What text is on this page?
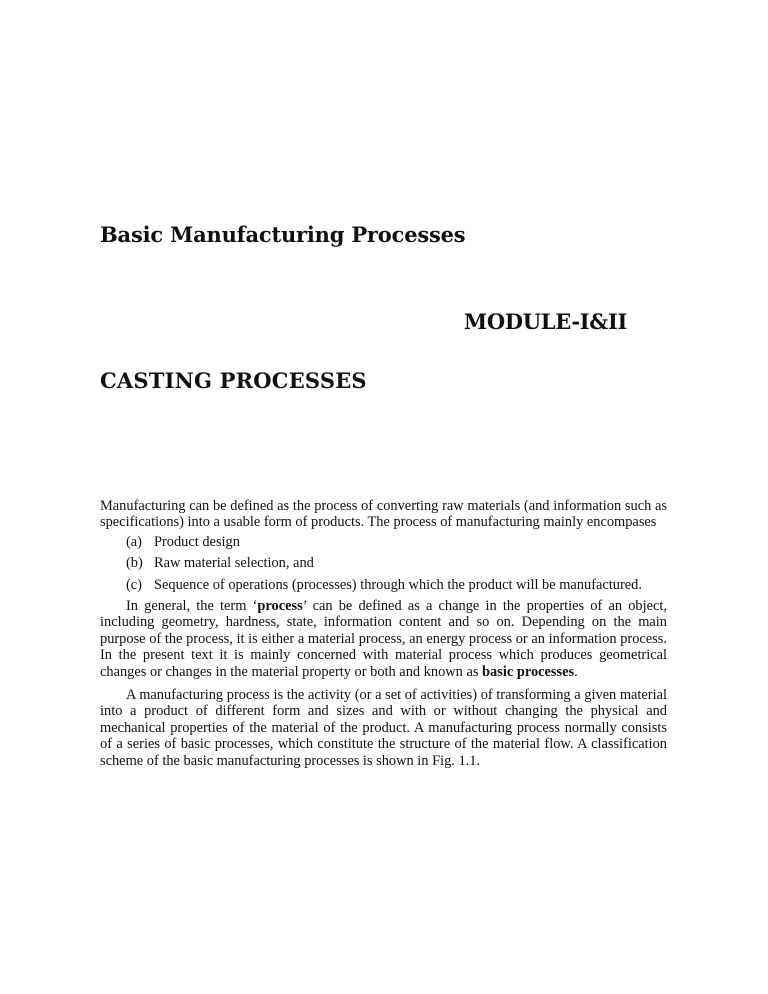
Basic Manufacturing Processes
MODULE-I&II
CASTING PROCESSES

Manufacturing can be defined as the process of converting raw materials (and information such as specifications) into a usable form of products. The process of manufacturing mainly encompases

(a) Product design
(b) Raw material selection, and
(c) Sequence of operations (processes) through which the product will be manufactured.

In general, the term ‘process’ can be defined as a change in the properties of an object, including geometry, hardness, state, information content and so on. Depending on the main purpose of the process, it is either a material process, an energy process or an information process. In the present text it is mainly concerned with material process which produces geometrical changes or changes in the material property or both and known as basic processes.

A manufacturing process is the activity (or a set of activities) of transforming a given material into a product of different form and sizes and with or without changing the physical and mechanical properties of the material of the product. A manufacturing process normally consists of a series of basic processes, which constitute the structure of the material flow. A classification scheme of the basic manufacturing processes is shown in Fig. 1.1.
